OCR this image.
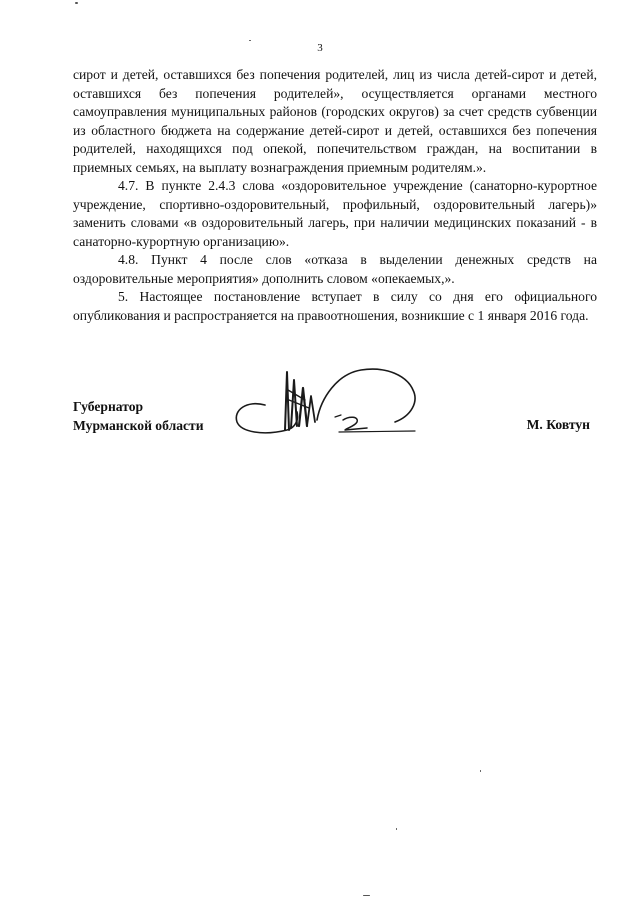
3

сирот и детей, оставшихся без попечения родителей, лиц из числа детей-сирот и детей, оставшихся без попечения родителей», осуществляется органами местного самоуправления муниципальных районов (городских округов) за счет средств субвенции из областного бюджета на содержание детей-сирот и детей, оставшихся без попечения родителей, находящихся под опекой, попечительством граждан, на воспитании в приемных семьях, на выплату вознаграждения приемным родителям.».

4.7. В пункте 2.4.3 слова «оздоровительное учреждение (санаторно-курортное учреждение, спортивно-оздоровительный, профильный, оздоровительный лагерь)» заменить словами «в оздоровительный лагерь, при наличии медицинских показаний - в санаторно-курортную организацию».

4.8. Пункт 4 после слов «отказа в выделении денежных средств на оздоровительные мероприятия» дополнить словом «опекаемых,».

5. Настоящее постановление вступает в силу со дня его официального опубликования и распространяется на правоотношения, возникшие с 1 января 2016 года.

Губернатор
Мурманской области	М. Ковтун
